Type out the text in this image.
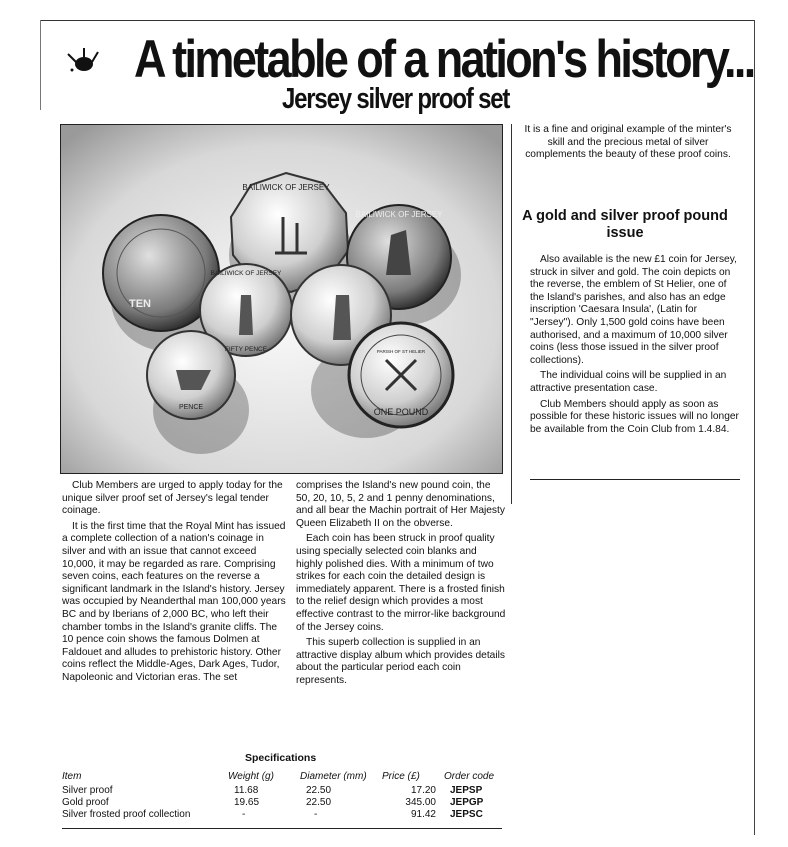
A timetable of a nation's history...
Jersey silver proof set
BAILIWICK OF JERSEY
BAILIWICK OF JERSEY
BAILIWICK OF JERSEY
TEN
FIFTY PENCE
ONE POUND
PARISH OF ST HELIER
PENCE

It is a fine and original example of the minter's skill and the precious metal of silver complements the beauty of these proof coins.

A gold and silver proof pound issue

Also available is the new £1 coin for Jersey, struck in silver and gold. The coin depicts on the reverse, the emblem of St Helier, one of the Island's parishes, and also has an edge inscription 'Caesara Insula', (Latin for "Jersey"). Only 1,500 gold coins have been authorised, and a maximum of 10,000 silver coins (less those issued in the silver proof collections).

The individual coins will be supplied in an attractive presentation case.

Club Members should apply as soon as possible for these historic issues will no longer be available from the Coin Club from 1.4.84.

Club Members are urged to apply today for the unique silver proof set of Jersey's legal tender coinage.

It is the first time that the Royal Mint has issued a complete collection of a nation's coinage in silver and with an issue that cannot exceed 10,000, it may be regarded as rare. Comprising seven coins, each features on the reverse a significant landmark in the Island's history. Jersey was occupied by Neanderthal man 100,000 years BC and by Iberians of 2,000 BC, who left their chamber tombs in the Island's granite cliffs. The 10 pence coin shows the famous Dolmen at Faldouet and alludes to prehistoric history. Other coins reflect the Middle-Ages, Dark Ages, Tudor, Napoleonic and Victorian eras. The set

comprises the Island's new pound coin, the 50, 20, 10, 5, 2 and 1 penny denominations, and all bear the Machin portrait of Her Majesty Queen Elizabeth II on the obverse.

Each coin has been struck in proof quality using specially selected coin blanks and highly polished dies. With a minimum of two strikes for each coin the detailed design is immediately apparent. There is a frosted finish to the relief design which provides a most effective contrast to the mirror-like background of the Jersey coins.

This superb collection is supplied in an attractive display album which provides details about the particular period each coin represents.

Specifications
Item	Weight (g)	Diameter (mm)	Price (£)	Order code
Silver proof	11.68	22.50	17.20	JEPSP
Gold proof	19.65	22.50	345.00	JEPGP
Silver frosted proof collection	-	-	91.42	JEPSC
